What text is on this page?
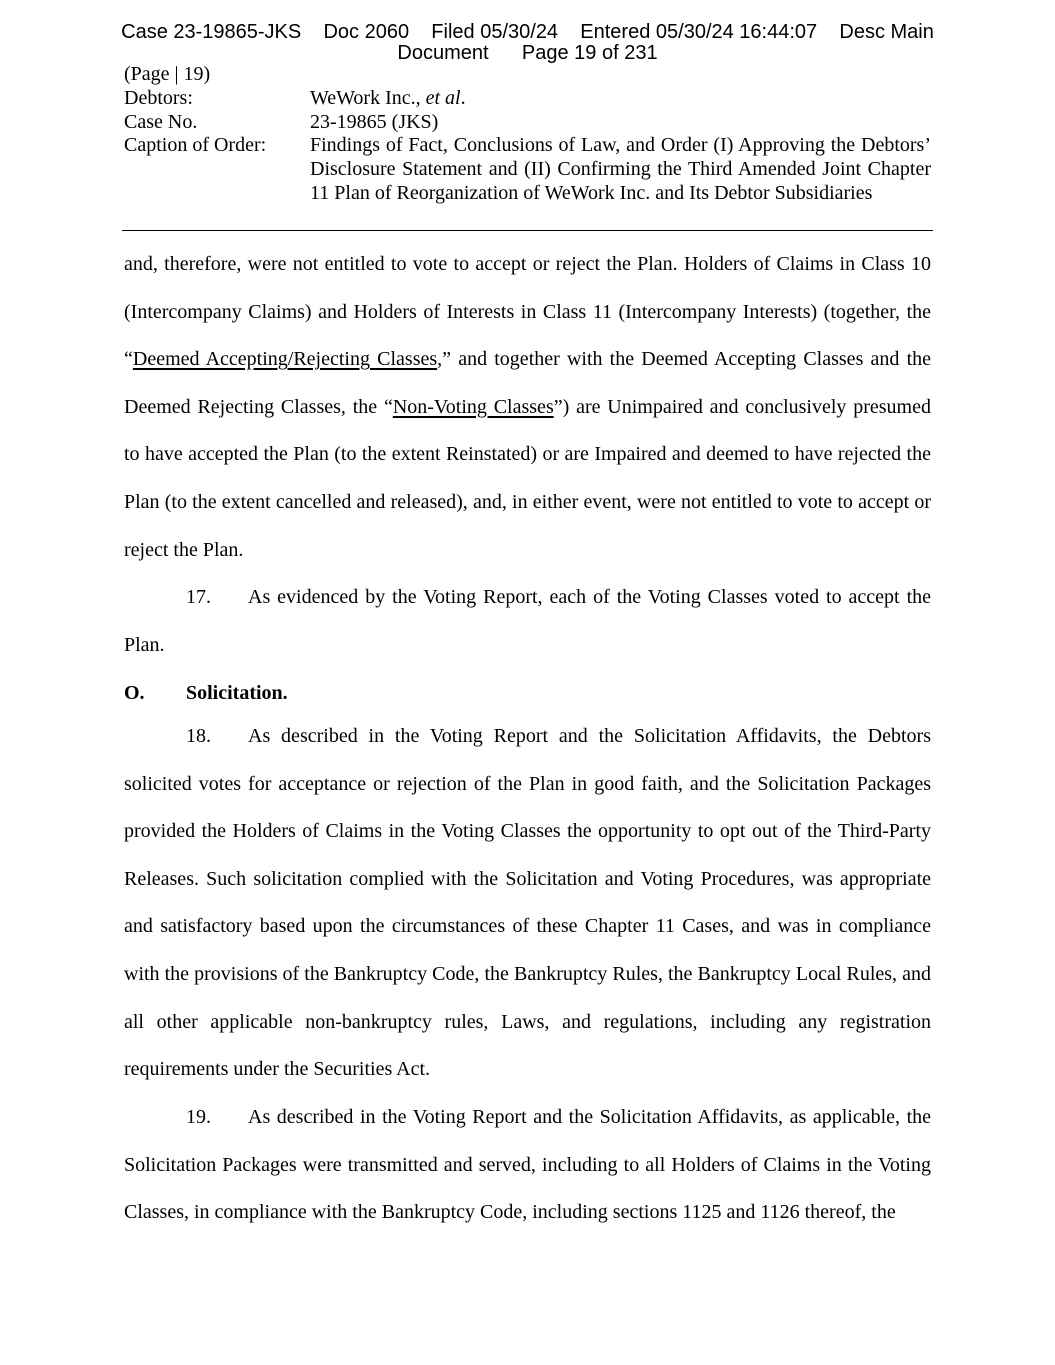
Case 23-19865-JKS    Doc 2060    Filed 05/30/24    Entered 05/30/24 16:44:07    Desc Main
Document      Page 19 of 231
(Page | 19)
Debtors:	WeWork Inc., et al.
Case No.	23-19865 (JKS)
Caption of Order:	Findings of Fact, Conclusions of Law, and Order (I) Approving the Debtors’ Disclosure Statement and (II) Confirming the Third Amended Joint Chapter 11 Plan of Reorganization of WeWork Inc. and Its Debtor Subsidiaries

and, therefore, were not entitled to vote to accept or reject the Plan. Holders of Claims in Class 10 (Intercompany Claims) and Holders of Interests in Class 11 (Intercompany Interests) (together, the “Deemed Accepting/Rejecting Classes,” and together with the Deemed Accepting Classes and the Deemed Rejecting Classes, the “Non-Voting Classes”) are Unimpaired and conclusively presumed to have accepted the Plan (to the extent Reinstated) or are Impaired and deemed to have rejected the Plan (to the extent cancelled and released), and, in either event, were not entitled to vote to accept or reject the Plan.

17. As evidenced by the Voting Report, each of the Voting Classes voted to accept the Plan.

O. Solicitation.

18. As described in the Voting Report and the Solicitation Affidavits, the Debtors solicited votes for acceptance or rejection of the Plan in good faith, and the Solicitation Packages provided the Holders of Claims in the Voting Classes the opportunity to opt out of the Third-Party Releases. Such solicitation complied with the Solicitation and Voting Procedures, was appropriate and satisfactory based upon the circumstances of these Chapter 11 Cases, and was in compliance with the provisions of the Bankruptcy Code, the Bankruptcy Rules, the Bankruptcy Local Rules, and all other applicable non-bankruptcy rules, Laws, and regulations, including any registration requirements under the Securities Act.

19. As described in the Voting Report and the Solicitation Affidavits, as applicable, the Solicitation Packages were transmitted and served, including to all Holders of Claims in the Voting Classes, in compliance with the Bankruptcy Code, including sections 1125 and 1126 thereof, the
